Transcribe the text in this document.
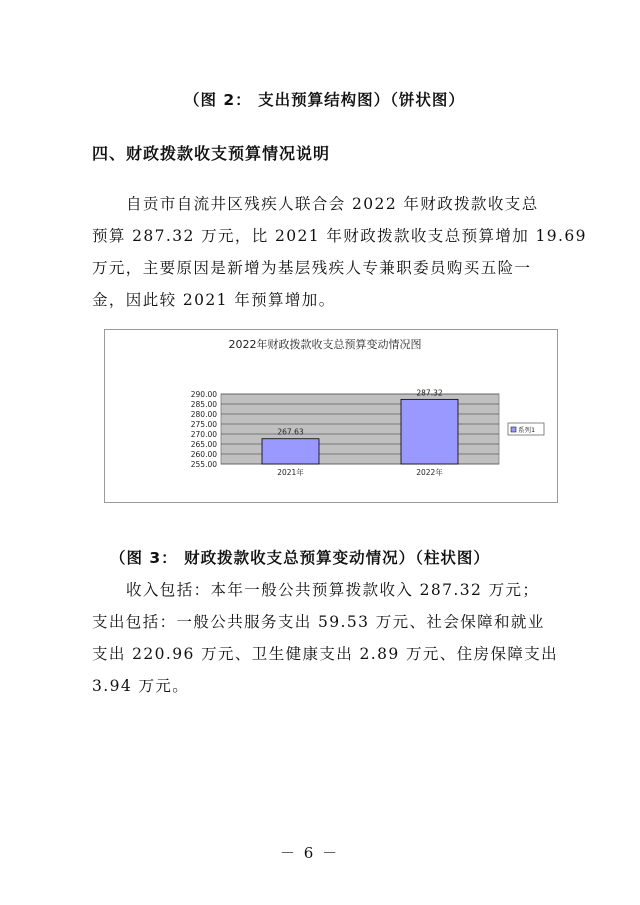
（图 2： 支出预算结构图）（饼状图）
四、财政拨款收支预算情况说明
自贡市自流井区残疾人联合会 2022 年财政拨款收支总
预算 287.32 万元，比 2021 年财政拨款收支总预算增加 19.69
万元，主要原因是新增为基层残疾人专兼职委员购买五险一
金，因此较 2021 年预算增加。
2022年财政拨款收支总预算变动情况图
290.00
285.00
280.00
275.00
270.00
265.00
260.00
255.00
267.63
2021年
287.32
2022年
系列1
（图 3： 财政拨款收支总预算变动情况）（柱状图）
收入包括：本年一般公共预算拨款收入 287.32 万元；
支出包括：一般公共服务支出 59.53 万元、社会保障和就业
支出 220.96 万元、卫生健康支出 2.89 万元、住房保障支出
3.94 万元。
－ 6 －
